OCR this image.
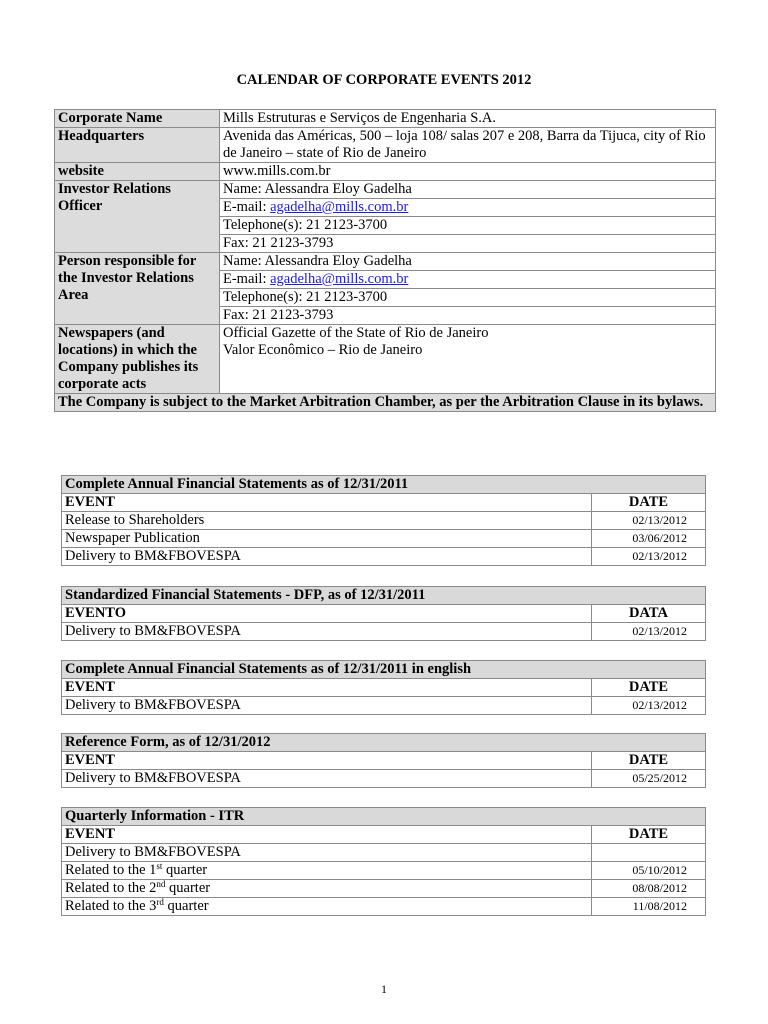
CALENDAR OF CORPORATE EVENTS 2012
Corporate Name	Mills Estruturas e Serviços de Engenharia S.A.
Headquarters	Avenida das Américas, 500 – loja 108/ salas 207 e 208, Barra da Tijuca, city of Rio de Janeiro – state of Rio de Janeiro
website	www.mills.com.br
Investor Relations Officer	Name: Alessandra Eloy Gadelha
	E-mail: agadelha@mills.com.br
	Telephone(s): 21 2123-3700
	Fax: 21 2123-3793
Person responsible for the Investor Relations Area	Name: Alessandra Eloy Gadelha
	E-mail: agadelha@mills.com.br
	Telephone(s): 21 2123-3700
	Fax: 21 2123-3793
Newspapers (and locations) in which the Company publishes its corporate acts	Official Gazette of the State of Rio de Janeiro
Valor Econômico – Rio de Janeiro

The Company is subject to the Market Arbitration Chamber, as per the Arbitration Clause in its bylaws.	
Complete Annual Financial Statements as of 12/31/2011	
EVENT	DATE
Release to Shareholders	02/13/2012
Newspaper Publication	03/06/2012
Delivery to BM&FBOVESPA	02/13/2012
Standardized Financial Statements - DFP, as of 12/31/2011	
EVENTO	DATA
Delivery to BM&FBOVESPA	02/13/2012
Complete Annual Financial Statements as of 12/31/2011 in english	
EVENT	DATE
Delivery to BM&FBOVESPA	02/13/2012
Reference Form, as of 12/31/2012	
EVENT	DATE
Delivery to BM&FBOVESPA	05/25/2012
Quarterly Information - ITR	
EVENT	DATE
Delivery to BM&FBOVESPA	
Related to the 1st quarter	05/10/2012
Related to the 2nd quarter	08/08/2012
Related to the 3rd quarter	11/08/2012
1
